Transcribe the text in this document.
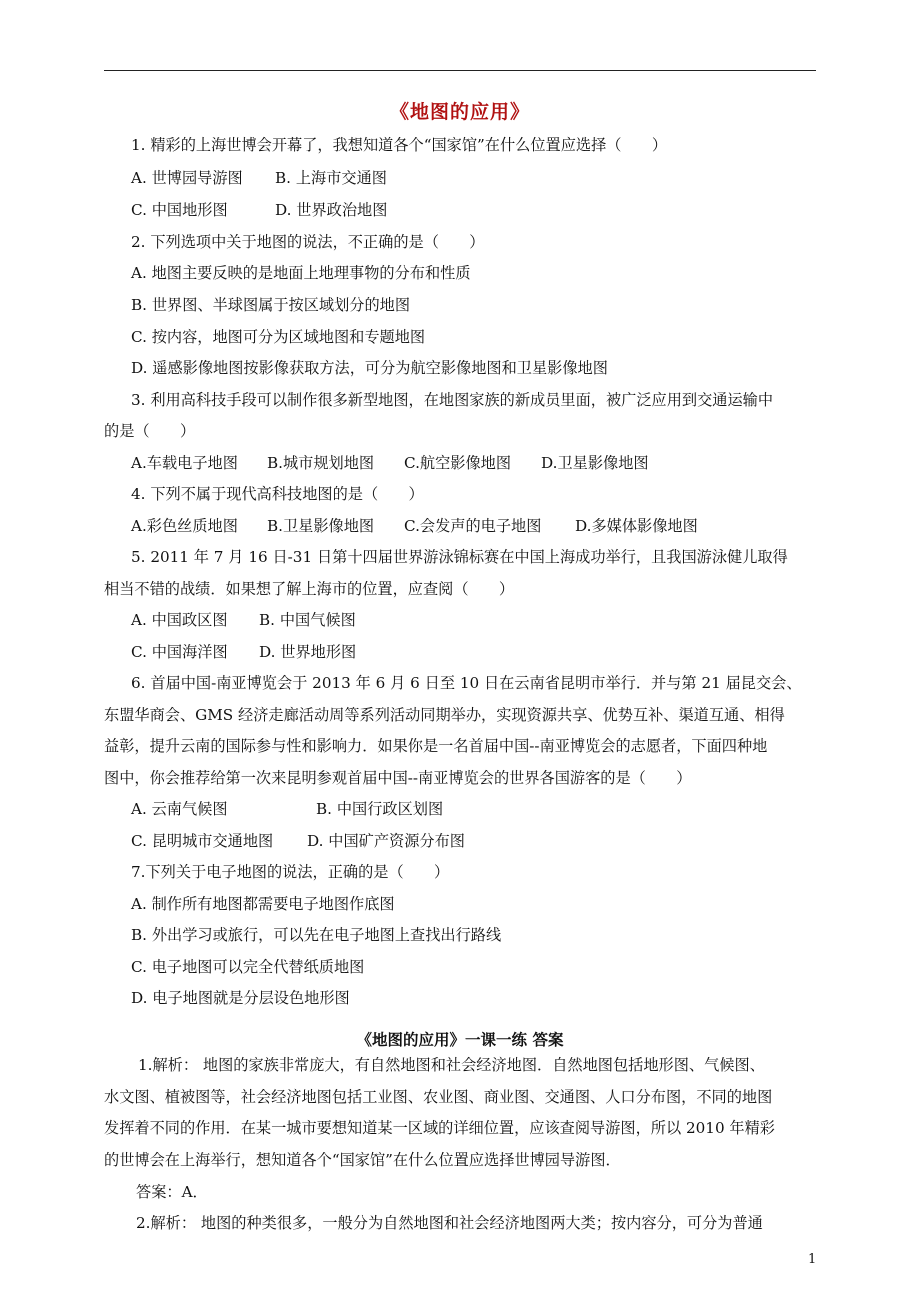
《地图的应用》
1. 精彩的上海世博会开幕了，我想知道各个“国家馆”在什么位置应选择（　　）
A. 世博园导游图 B. 上海市交通图
C. 中国地形图	D. 世界政治地图
2. 下列选项中关于地图的说法，不正确的是（　　）
A. 地图主要反映的是地面上地理事物的分布和性质
B. 世界图、半球图属于按区域划分的地图
C. 按内容，地图可分为区域地图和专题地图
D. 遥感影像地图按影像获取方法，可分为航空影像地图和卫星影像地图
3. 利用高科技手段可以制作很多新型地图，在地图家族的新成员里面，被广泛应用到交通运输中
的是（　　）
A.车载电子地图 B.城市规划地图 C.航空影像地图 D.卫星影像地图
4. 下列不属于现代高科技地图的是（　　）
A.彩色丝质地图 B.卫星影像地图 C.会发声的电子地图 D.多媒体影像地图
5. 2011 年 7 月 16 日-31 日第十四届世界游泳锦标赛在中国上海成功举行，且我国游泳健儿取得
相当不错的战绩．如果想了解上海市的位置，应查阅（　　）
A. 中国政区图 B. 中国气候图
C. 中国海洋图 D. 世界地形图
6. 首届中国-南亚博览会于 2013 年 6 月 6 日至 10 日在云南省昆明市举行．并与第 21 届昆交会、
东盟华商会、GMS 经济走廊活动周等系列活动同期举办，实现资源共享、优势互补、渠道互通、相得
益彰，提升云南的国际参与性和影响力．如果你是一名首届中国--南亚博览会的志愿者，下面四种地
图中，你会推荐给第一次来昆明参观首届中国--南亚博览会的世界各国游客的是（　　）
A. 云南气候图	B. 中国行政区划图
C. 昆明城市交通地图 D. 中国矿产资源分布图
7.下列关于电子地图的说法，正确的是（　　）
A. 制作所有地图都需要电子地图作底图
B. 外出学习或旅行，可以先在电子地图上查找出行路线
C. 电子地图可以完全代替纸质地图
D. 电子地图就是分层设色地形图
《地图的应用》一课一练 答案
1.解析： 地图的家族非常庞大，有自然地图和社会经济地图．自然地图包括地形图、气候图、
水文图、植被图等，社会经济地图包括工业图、农业图、商业图、交通图、人口分布图，不同的地图
发挥着不同的作用．在某一城市要想知道某一区域的详细位置，应该查阅导游图，所以 2010 年精彩
的世博会在上海举行，想知道各个“国家馆”在什么位置应选择世博园导游图．
答案：A．
2.解析： 地图的种类很多，一般分为自然地图和社会经济地图两大类；按内容分，可分为普通
1
